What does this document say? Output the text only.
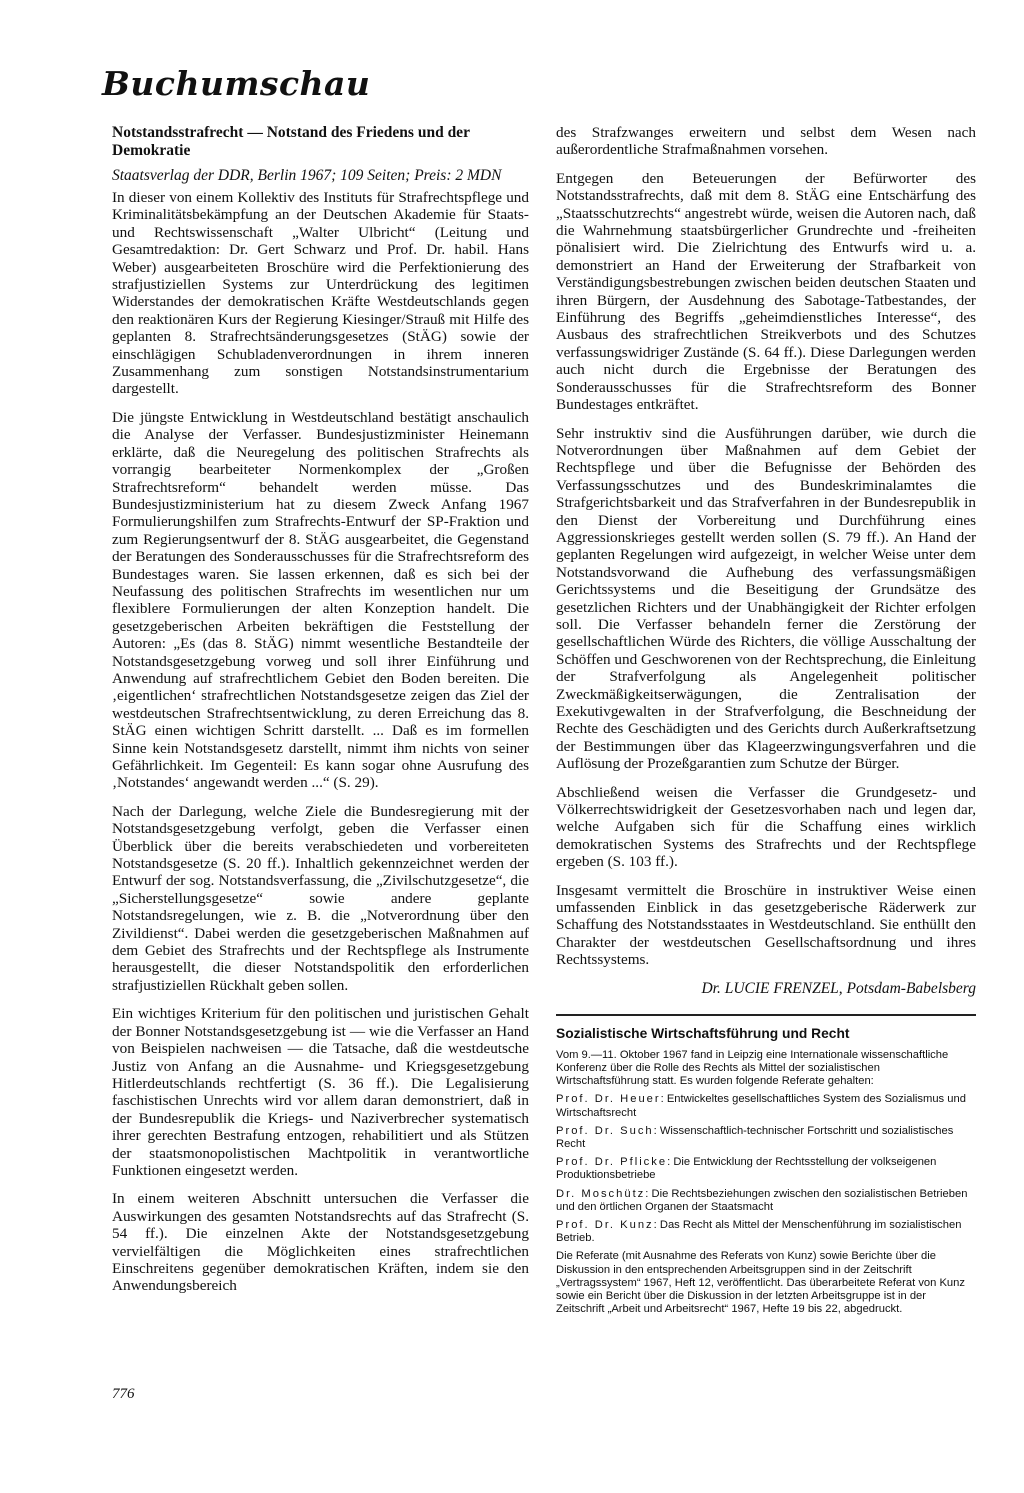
Buchumschau
Notstandsstrafrecht — Notstand des Friedens und der Demokratie
Staatsverlag der DDR, Berlin 1967; 109 Seiten; Preis: 2 MDN

In dieser von einem Kollektiv des Instituts für Strafrechtspflege und Kriminalitätsbekämpfung an der Deutschen Akademie für Staats- und Rechtswissenschaft „Walter Ulbricht“ (Leitung und Gesamtredaktion: Dr. Gert Schwarz und Prof. Dr. habil. Hans Weber) ausgearbeiteten Broschüre wird die Perfektionierung des strafjustiziellen Systems zur Unterdrückung des legitimen Widerstandes der demokratischen Kräfte Westdeutschlands gegen den reaktionären Kurs der Regierung Kiesinger/Strauß mit Hilfe des geplanten 8. Strafrechtsänderungsgesetzes (StÄG) sowie der einschlägigen Schubladenverordnungen in ihrem inneren Zusammenhang zum sonstigen Notstandsinstrumentarium dargestellt.

Die jüngste Entwicklung in Westdeutschland bestätigt anschaulich die Analyse der Verfasser. Bundesjustizminister Heinemann erklärte, daß die Neuregelung des politischen Strafrechts als vorrangig bearbeiteter Normenkomplex der „Großen Strafrechtsreform“ behandelt werden müsse. Das Bundesjustizministerium hat zu diesem Zweck Anfang 1967 Formulierungshilfen zum Strafrechts-Entwurf der SP-Fraktion und zum Regierungsentwurf der 8. StÄG ausgearbeitet, die Gegenstand der Beratungen des Sonderausschusses für die Strafrechtsreform des Bundestages waren. Sie lassen erkennen, daß es sich bei der Neufassung des politischen Strafrechts im wesentlichen nur um flexiblere Formulierungen der alten Konzeption handelt. Die gesetzgeberischen Arbeiten bekräftigen die Feststellung der Autoren: „Es (das 8. StÄG) nimmt wesentliche Bestandteile der Notstandsgesetzgebung vorweg und soll ihrer Einführung und Anwendung auf strafrechtlichem Gebiet den Boden bereiten. Die ‚eigentlichen‘ strafrechtlichen Notstandsgesetze zeigen das Ziel der westdeutschen Strafrechtsentwicklung, zu deren Erreichung das 8. StÄG einen wichtigen Schritt darstellt. ... Daß es im formellen Sinne kein Notstandsgesetz darstellt, nimmt ihm nichts von seiner Gefährlichkeit. Im Gegenteil: Es kann sogar ohne Ausrufung des ‚Notstandes‘ angewandt werden ...“ (S. 29).

Nach der Darlegung, welche Ziele die Bundesregierung mit der Notstandsgesetzgebung verfolgt, geben die Verfasser einen Überblick über die bereits verabschiedeten und vorbereiteten Notstandsgesetze (S. 20 ff.). Inhaltlich gekennzeichnet werden der Entwurf der sog. Notstandsverfassung, die „Zivilschutzgesetze“, die „Sicherstellungsgesetze“ sowie andere geplante Notstandsregelungen, wie z. B. die „Notverordnung über den Zivildienst“. Dabei werden die gesetzgeberischen Maßnahmen auf dem Gebiet des Strafrechts und der Rechtspflege als Instrumente herausgestellt, die dieser Notstandspolitik den erforderlichen strafjustiziellen Rückhalt geben sollen.

Ein wichtiges Kriterium für den politischen und juristischen Gehalt der Bonner Notstandsgesetzgebung ist — wie die Verfasser an Hand von Beispielen nachweisen — die Tatsache, daß die westdeutsche Justiz von Anfang an die Ausnahme- und Kriegsgesetzgebung Hitlerdeutschlands rechtfertigt (S. 36 ff.). Die Legalisierung faschistischen Unrechts wird vor allem daran demonstriert, daß in der Bundesrepublik die Kriegs- und Naziverbrecher systematisch ihrer gerechten Bestrafung entzogen, rehabilitiert und als Stützen der staatsmonopolistischen Machtpolitik in verantwortliche Funktionen eingesetzt werden.

In einem weiteren Abschnitt untersuchen die Verfasser die Auswirkungen des gesamten Notstandsrechts auf das Strafrecht (S. 54 ff.). Die einzelnen Akte der Notstandsgesetzgebung vervielfältigen die Möglichkeiten eines strafrechtlichen Einschreitens gegenüber demokratischen Kräften, indem sie den Anwendungsbereich

des Strafzwanges erweitern und selbst dem Wesen nach außerordentliche Strafmaßnahmen vorsehen.

Entgegen den Beteuerungen der Befürworter des Notstandsstrafrechts, daß mit dem 8. StÄG eine Entschärfung des „Staatsschutzrechts“ angestrebt würde, weisen die Autoren nach, daß die Wahrnehmung staatsbürgerlicher Grundrechte und -freiheiten pönalisiert wird. Die Zielrichtung des Entwurfs wird u. a. demonstriert an Hand der Erweiterung der Strafbarkeit von Verständigungsbestrebungen zwischen beiden deutschen Staaten und ihren Bürgern, der Ausdehnung des Sabotage-Tatbestandes, der Einführung des Begriffs „geheimdienstliches Interesse“, des Ausbaus des strafrechtlichen Streikverbots und des Schutzes verfassungswidriger Zustände (S. 64 ff.). Diese Darlegungen werden auch nicht durch die Ergebnisse der Beratungen des Sonderausschusses für die Strafrechtsreform des Bonner Bundestages entkräftet.

Sehr instruktiv sind die Ausführungen darüber, wie durch die Notverordnungen über Maßnahmen auf dem Gebiet der Rechtspflege und über die Befugnisse der Behörden des Verfassungsschutzes und des Bundeskriminalamtes die Strafgerichtsbarkeit und das Strafverfahren in der Bundesrepublik in den Dienst der Vorbereitung und Durchführung eines Aggressionskrieges gestellt werden sollen (S. 79 ff.). An Hand der geplanten Regelungen wird aufgezeigt, in welcher Weise unter dem Notstandsvorwand die Aufhebung des verfassungsmäßigen Gerichtssystems und die Beseitigung der Grundsätze des gesetzlichen Richters und der Unabhängigkeit der Richter erfolgen soll. Die Verfasser behandeln ferner die Zerstörung der gesellschaftlichen Würde des Richters, die völlige Ausschaltung der Schöffen und Geschworenen von der Rechtsprechung, die Einleitung der Strafverfolgung als Angelegenheit politischer Zweckmäßigkeitserwägungen, die Zentralisation der Exekutivgewalten in der Strafverfolgung, die Beschneidung der Rechte des Geschädigten und des Gerichts durch Außerkraftsetzung der Bestimmungen über das Klageerzwingungsverfahren und die Auflösung der Prozeßgarantien zum Schutze der Bürger.

Abschließend weisen die Verfasser die Grundgesetz- und Völkerrechtswidrigkeit der Gesetzesvorhaben nach und legen dar, welche Aufgaben sich für die Schaffung eines wirklich demokratischen Systems des Strafrechts und der Rechtspflege ergeben (S. 103 ff.).

Insgesamt vermittelt die Broschüre in instruktiver Weise einen umfassenden Einblick in das gesetzgeberische Räderwerk zur Schaffung des Notstandsstaates in Westdeutschland. Sie enthüllt den Charakter der westdeutschen Gesellschaftsordnung und ihres Rechtssystems.

Dr. LUCIE FRENZEL, Potsdam-Babelsberg
Sozialistische Wirtschaftsführung und Recht

Vom 9.—11. Oktober 1967 fand in Leipzig eine Internationale wissenschaftliche Konferenz über die Rolle des Rechts als Mittel der sozialistischen Wirtschaftsführung statt. Es wurden folgende Referate gehalten:

Prof. Dr. Heuer: Entwickeltes gesellschaftliches System des Sozialismus und Wirtschaftsrecht

Prof. Dr. Such: Wissenschaftlich-technischer Fortschritt und sozialistisches Recht

Prof. Dr. Pflicke: Die Entwicklung der Rechtsstellung der volkseigenen Produktionsbetriebe

Dr. Moschütz: Die Rechtsbeziehungen zwischen den sozialistischen Betrieben und den örtlichen Organen der Staatsmacht

Prof. Dr. Kunz: Das Recht als Mittel der Menschenführung im sozialistischen Betrieb.

Die Referate (mit Ausnahme des Referats von Kunz) sowie Berichte über die Diskussion in den entsprechenden Arbeitsgruppen sind in der Zeitschrift „Vertragssystem“ 1967, Heft 12, veröffentlicht. Das überarbeitete Referat von Kunz sowie ein Bericht über die Diskussion in der letzten Arbeitsgruppe ist in der Zeitschrift „Arbeit und Arbeitsrecht“ 1967, Hefte 19 bis 22, abgedruckt.

776
